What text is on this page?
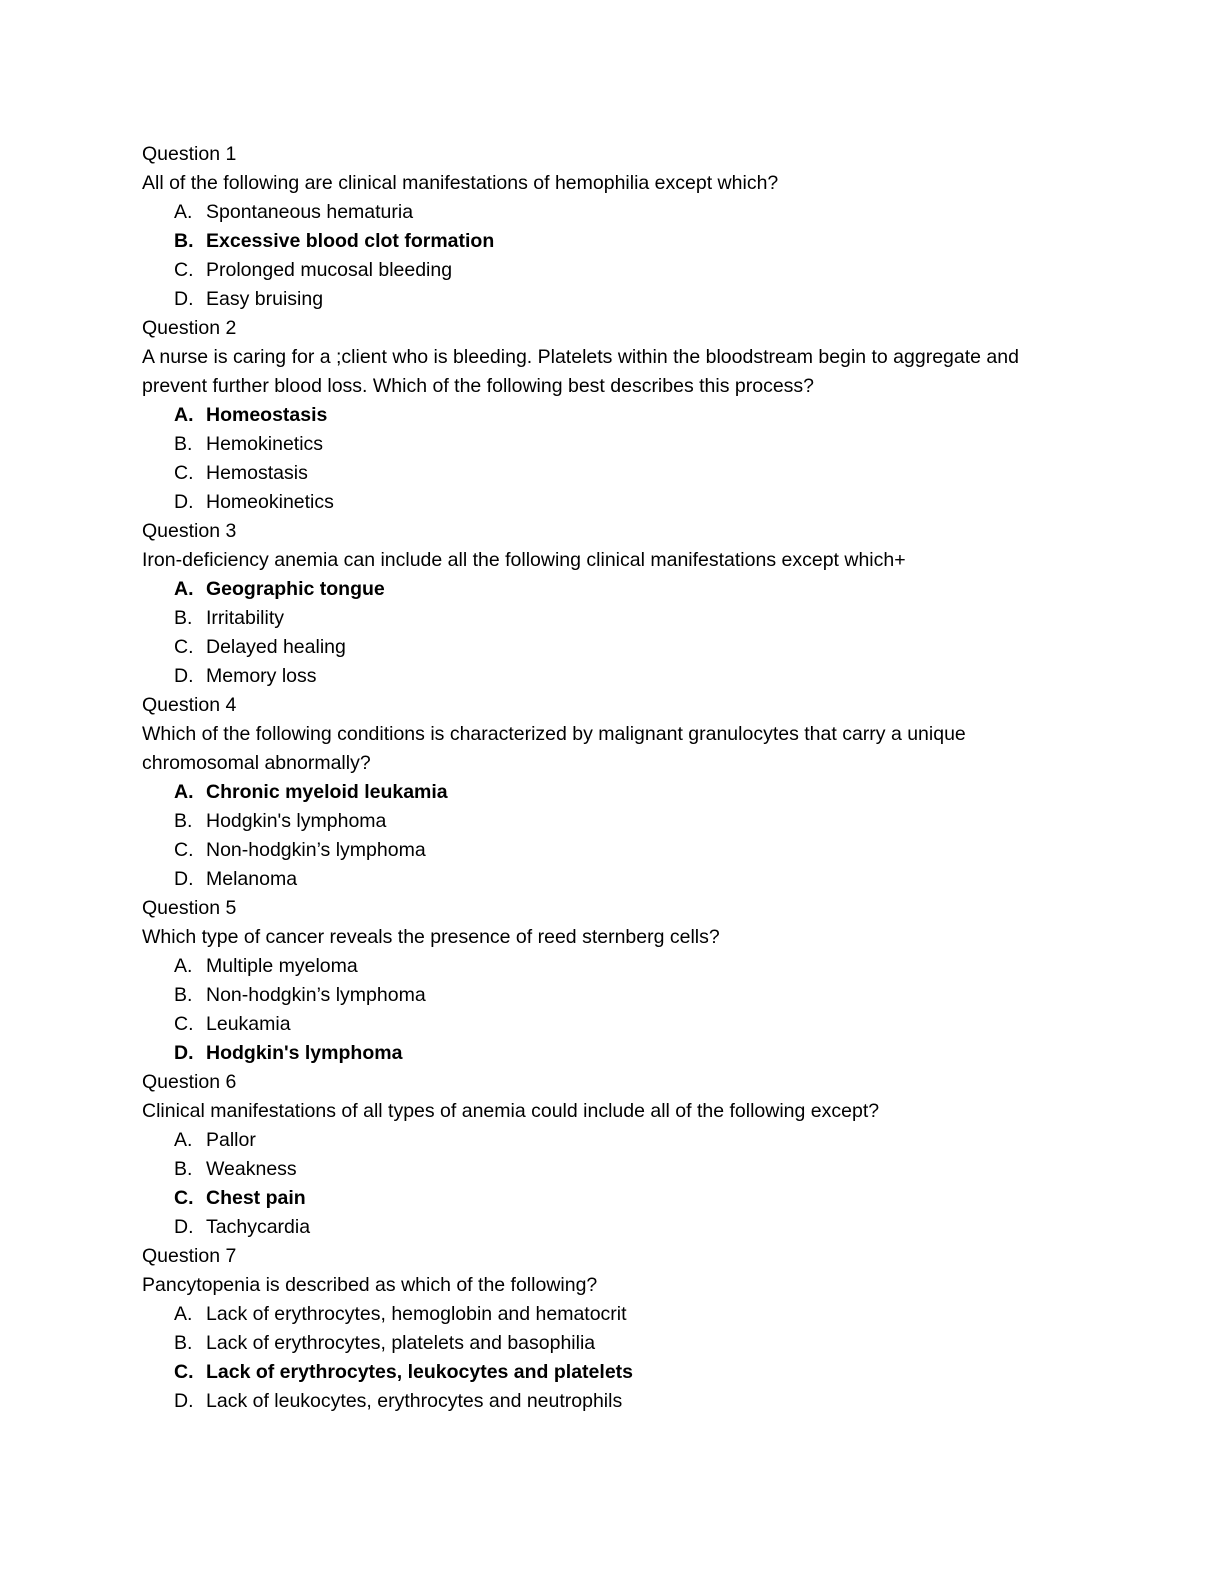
Question 1
All of the following are clinical manifestations of hemophilia except which?
A. Spontaneous hematuria
B. Excessive blood clot formation
C. Prolonged mucosal bleeding
D. Easy bruising
Question 2
A nurse is caring for a ;client who is bleeding. Platelets within the bloodstream begin to aggregate and prevent further blood loss. Which of the following best describes this process?
A. Homeostasis
B. Hemokinetics
C. Hemostasis
D. Homeokinetics
Question 3
Iron-deficiency anemia can include all the following clinical manifestations except which+
A. Geographic tongue
B. Irritability
C. Delayed healing
D. Memory loss
Question 4
Which of the following conditions is characterized by malignant granulocytes that carry a unique chromosomal abnormally?
A. Chronic myeloid leukamia
B. Hodgkin's lymphoma
C. Non-hodgkin’s lymphoma
D. Melanoma
Question 5
Which type of cancer reveals the presence of reed sternberg cells?
A. Multiple myeloma
B. Non-hodgkin’s lymphoma
C. Leukamia
D. Hodgkin's lymphoma
Question 6
Clinical manifestations of all types of anemia could include all of the following except?
A. Pallor
B. Weakness
C. Chest pain
D. Tachycardia
Question 7
Pancytopenia is described as which of the following?
A. Lack of erythrocytes, hemoglobin and hematocrit
B. Lack of erythrocytes, platelets and basophilia
C. Lack of erythrocytes, leukocytes and platelets
D. Lack of leukocytes, erythrocytes and neutrophils
